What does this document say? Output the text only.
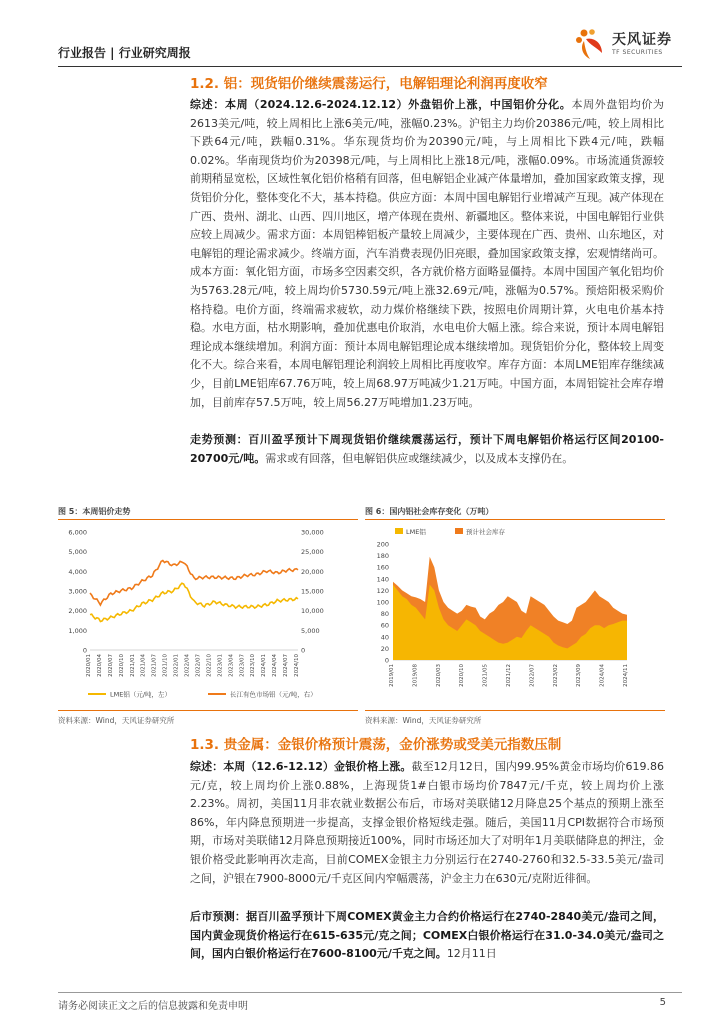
行业报告 | 行业研究周报
天风证券
TF SECURITIES
1.2. 铝：现货铝价继续震荡运行，电解铝理论利润再度收窄
综述：本周（2024.12.6-2024.12.12）外盘铝价上涨，中国铝价分化。本周外盘铝均价为2613美元/吨，较上周相比上涨6美元/吨，涨幅0.23%。沪铝主力均价20386元/吨，较上周相比下跌64元/吨，跌幅0.31%。华东现货均价为20390元/吨，与上周相比下跌4元/吨，跌幅0.02%。华南现货均价为20398元/吨，与上周相比上涨18元/吨，涨幅0.09%。市场流通货源较前期稍显宽松，区域性氧化铝价格稍有回落，但电解铝企业减产体量增加，叠加国家政策支撑，现货铝价分化，整体变化不大，基本持稳。供应方面：本周中国电解铝行业增减产互现。减产体现在广西、贵州、湖北、山西、四川地区，增产体现在贵州、新疆地区。整体来说，中国电解铝行业供应较上周减少。需求方面：本周铝棒铝板产量较上周减少，主要体现在广西、贵州、山东地区，对电解铝的理论需求减少。终端方面，汽车消费表现仍旧亮眼，叠加国家政策支撑，宏观情绪尚可。成本方面：氧化铝方面，市场多空因素交织，各方就价格方面略显僵持。本周中国国产氧化铝均价为5763.28元/吨，较上周均价5730.59元/吨上涨32.69元/吨，涨幅为0.57%。预焙阳极采购价格持稳。电价方面，终端需求疲软，动力煤价格继续下跌，按照电价周期计算，火电电价基本持稳。水电方面，枯水期影响，叠加优惠电价取消，水电电价大幅上涨。综合来说，预计本周电解铝理论成本继续增加。利润方面：预计本周电解铝理论成本继续增加。现货铝价分化，整体较上周变化不大。综合来看，本周电解铝理论利润较上周相比再度收窄。库存方面：本周LME铝库存继续减少，目前LME铝库67.76万吨，较上周68.97万吨减少1.21万吨。中国方面，本周铝锭社会库存增加，目前库存57.5万吨，较上周56.27万吨增加1.23万吨。
走势预测：百川盈孚预计下周现货铝价继续震荡运行，预计下周电解铝价格运行区间20100-20700元/吨。需求或有回落，但电解铝供应或继续减少，以及成本支撑仍在。
图 5：本周铝价走势
0
1,000
2,000
3,000
4,000
5,000
6,000
0
5,000
10,000
15,000
20,000
25,000
30,000
2020/01 2020/04 2020/07 2020/10 2021/01 2021/04 2021/07 2021/10 2022/01 2022/04 2022/07 2022/10 2023/01 2023/04 2023/07 2023/10 2024/01 2024/04 2024/07 2024/10
LME铝（元/吨，左）	长江有色市场铝（元/吨，右）
资料来源：Wind，天风证券研究所
图 6：国内铝社会库存变化（万吨）
0
20
40
60
80
100
120
140
160
180
200
2019/01	2019/08	2020/03	2020/10	2021/05	2021/12	2022/07	2023/02	2023/09	2024/04	2024/11
LME铝	预计社会库存
资料来源：Wind，天风证券研究所
1.3. 贵金属：金银价格预计震荡，金价涨势或受美元指数压制
综述：本周（12.6-12.12）金银价格上涨。截至12月12日，国内99.95%黄金市场均价619.86元/克，较上周均价上涨0.88%，上海现货1#白银市场均价7847元/千克，较上周均价上涨2.23%。周初，美国11月非农就业数据公布后，市场对美联储12月降息25个基点的预期上涨至86%，年内降息预期进一步提高，支撑金银价格短线走强。随后，美国11月CPI数据符合市场预期，市场对美联储12月降息预期接近100%，同时市场还加大了对明年1月美联储降息的押注，金银价格受此影响再次走高，目前COMEX金银主力分别运行在2740-2760和32.5-33.5美元/盎司之间，沪银在7900-8000元/千克区间内窄幅震荡，沪金主力在630元/克附近徘徊。
后市预测：据百川盈孚预计下周COMEX黄金主力合约价格运行在2740-2840美元/盎司之间，国内黄金现货价格运行在615-635元/克之间；COMEX白银价格运行在31.0-34.0美元/盎司之间，国内白银价格运行在7600-8100元/千克之间。12月11日
请务必阅读正文之后的信息披露和免责申明	5
